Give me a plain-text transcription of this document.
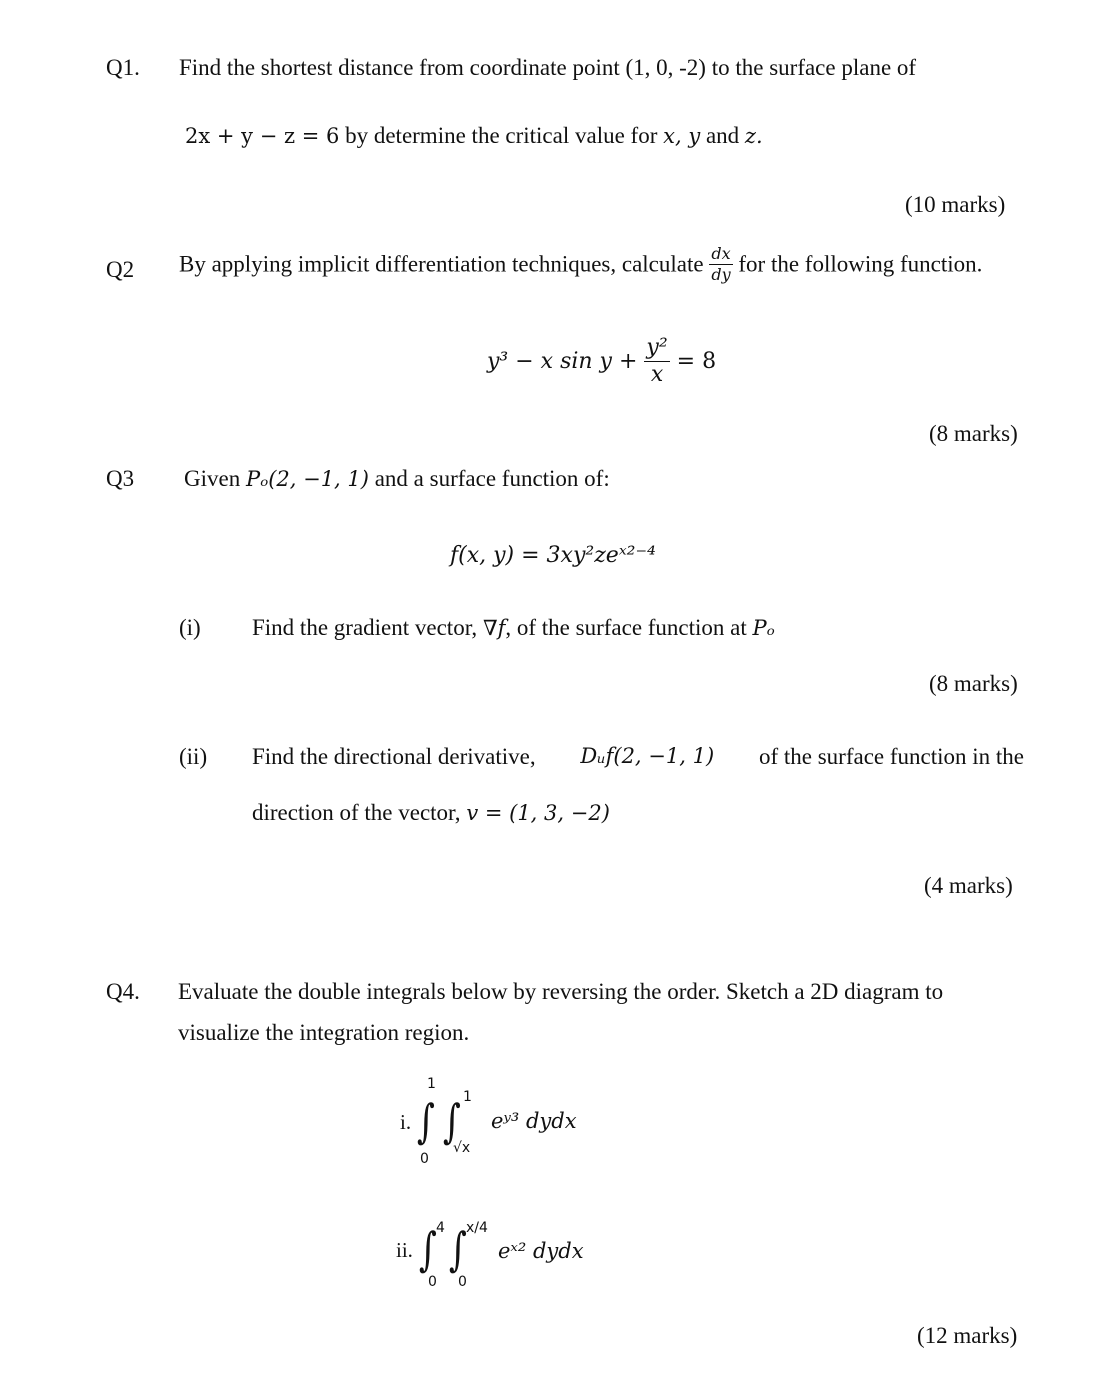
Q1. Find the shortest distance from coordinate point (1, 0, -2) to the surface plane of
2x + y − z = 6 by determine the critical value for x, y and z.
(10 marks)
Q2 By applying implicit differentiation techniques, calculate $\frac{dx}{dy}$ for the following function.
y³ − x $\sin y + \frac{\text{y²}}{x} = 8$
(8 marks)
Q3 Given Pₒ(2, −1, 1) and a surface function of:
f(x, y) = 3xy²zeˣ²⁻⁴
(i) Find the gradient vector, ∇f, of the surface function at Pₒ
(8 marks)
(ii) Find the directional derivative, Dᵤf(2, −1, 1) of the surface function in the
direction of the vector, v = (1, 3, −2)
(4 marks)
Q4. Evaluate the double integrals below by reversing the order. Sketch a 2D diagram to
visualize the integration region.
i. ∫
1
0
∫ 1
√x
eʸ³ dydx
ii. ∫ 4
0
∫ x/4
0
eˣ² dydx
(12 marks)
